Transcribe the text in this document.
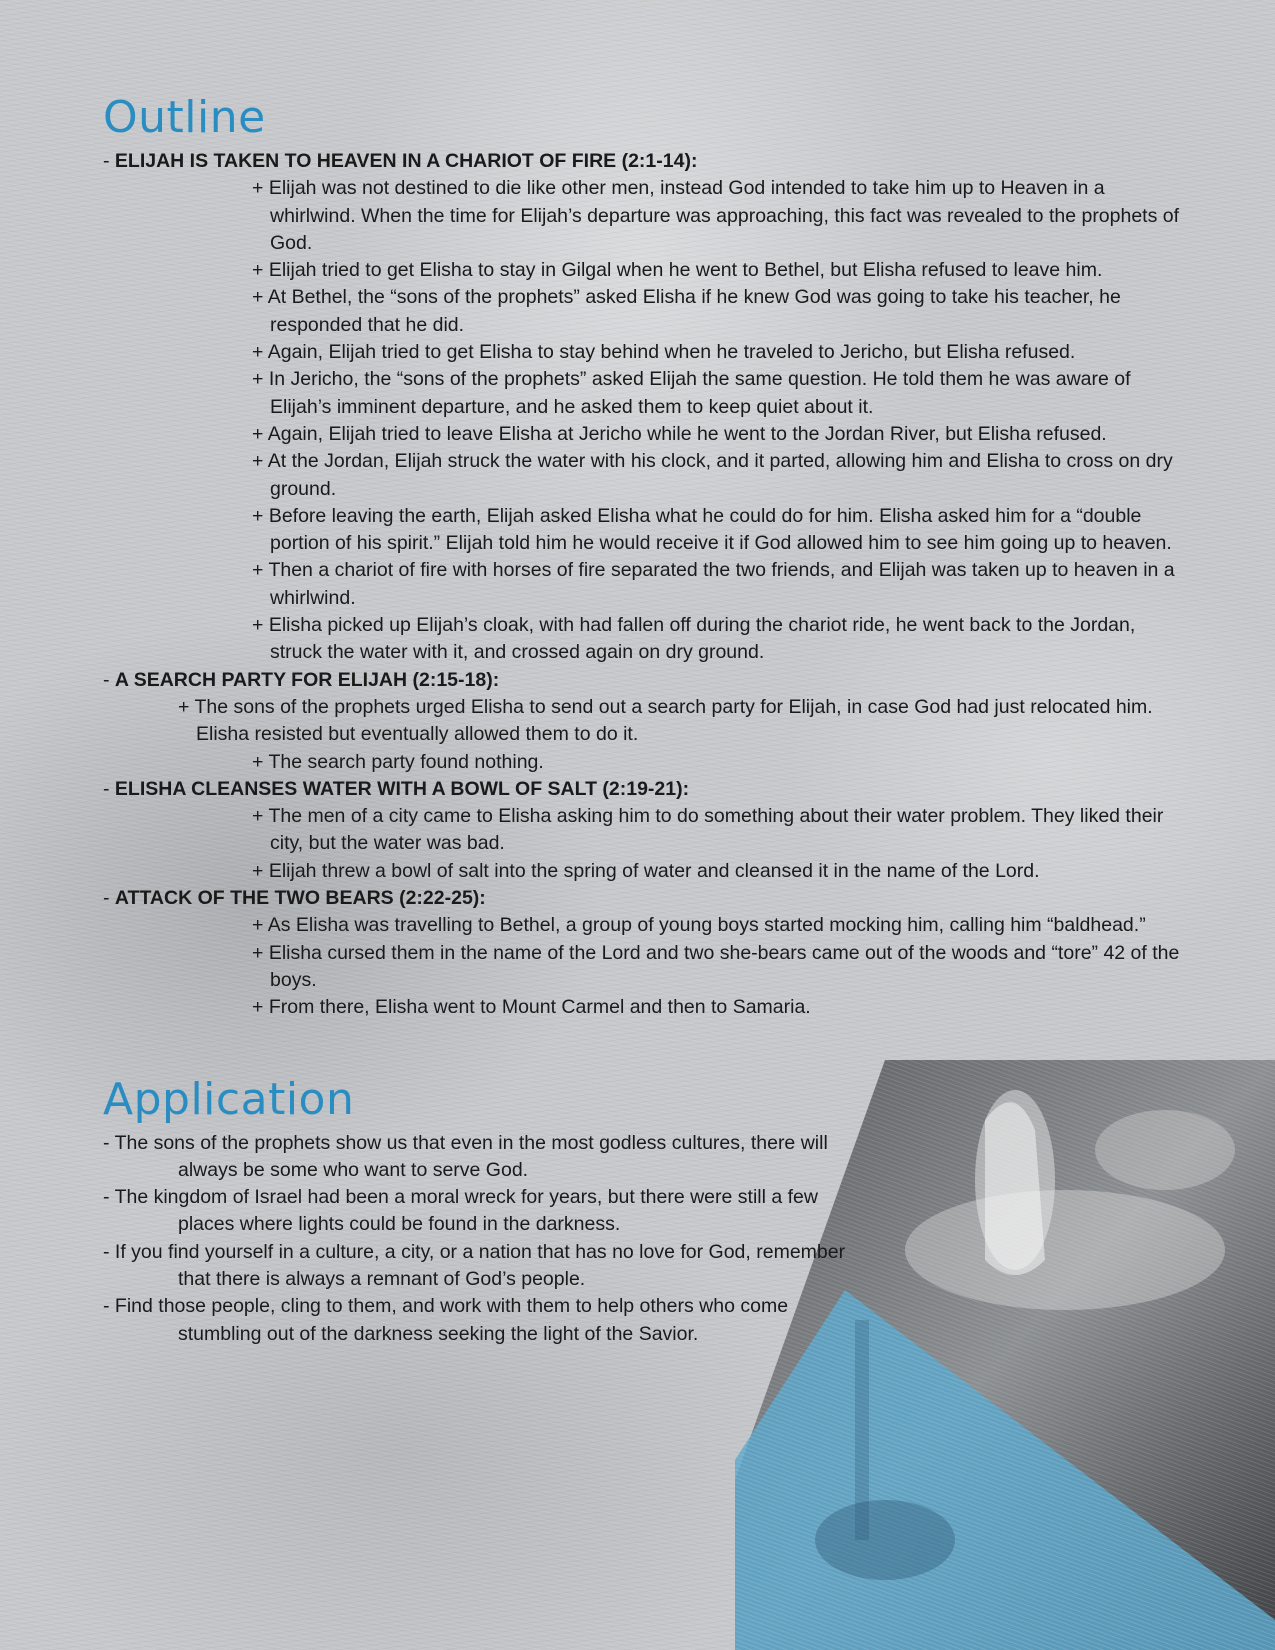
Outline
- ELIJAH IS TAKEN TO HEAVEN IN A CHARIOT OF FIRE (2:1-14):
+ Elijah was not destined to die like other men, instead God intended to take him up to Heaven in a whirlwind. When the time for Elijah’s departure was approaching, this fact was revealed to the prophets of God.
+ Elijah tried to get Elisha to stay in Gilgal when he went to Bethel, but Elisha refused to leave him.
+ At Bethel, the “sons of the prophets” asked Elisha if he knew God was going to take his teacher, he responded that he did.
+ Again, Elijah tried to get Elisha to stay behind when he traveled to Jericho, but Elisha refused.
+ In Jericho, the “sons of the prophets” asked Elijah the same question. He told them he was aware of Elijah’s imminent departure, and he asked them to keep quiet about it.
+ Again, Elijah tried to leave Elisha at Jericho while he went to the Jordan River, but Elisha refused.
+ At the Jordan, Elijah struck the water with his clock, and it parted, allowing him and Elisha to cross on dry ground.
+ Before leaving the earth, Elijah asked Elisha what he could do for him. Elisha asked him for a “double portion of his spirit.” Elijah told him he would receive it if God allowed him to see him going up to heaven.
+ Then a chariot of fire with horses of fire separated the two friends, and Elijah was taken up to heaven in a whirlwind.
+ Elisha picked up Elijah’s cloak, with had fallen off during the chariot ride, he went back to the Jordan, struck the water with it, and crossed again on dry ground.
- A SEARCH PARTY FOR ELIJAH (2:15-18):
+ The sons of the prophets urged Elisha to send out a search party for Elijah, in case God had just relocated him. Elisha resisted but eventually allowed them to do it.
+ The search party found nothing.
- ELISHA CLEANSES WATER WITH A BOWL OF SALT (2:19-21):
+ The men of a city came to Elisha asking him to do something about their water problem. They liked their city, but the water was bad.
+ Elijah threw a bowl of salt into the spring of water and cleansed it in the name of the Lord.
- ATTACK OF THE TWO BEARS (2:22-25):
+ As Elisha was travelling to Bethel, a group of young boys started mocking him, calling him “baldhead.”
+ Elisha cursed them in the name of the Lord and two she-bears came out of the woods and “tore” 42 of the boys.
+ From there, Elisha went to Mount Carmel and then to Samaria.
Application
- The sons of the prophets show us that even in the most godless cultures, there will always be some who want to serve God.
- The kingdom of Israel had been a moral wreck for years, but there were still a few places where lights could be found in the darkness.
- If you find yourself in a culture, a city, or a nation that has no love for God, remember that there is always a remnant of God’s people.
- Find those people, cling to them, and work with them to help others who come stumbling out of the darkness seeking the light of the Savior.
